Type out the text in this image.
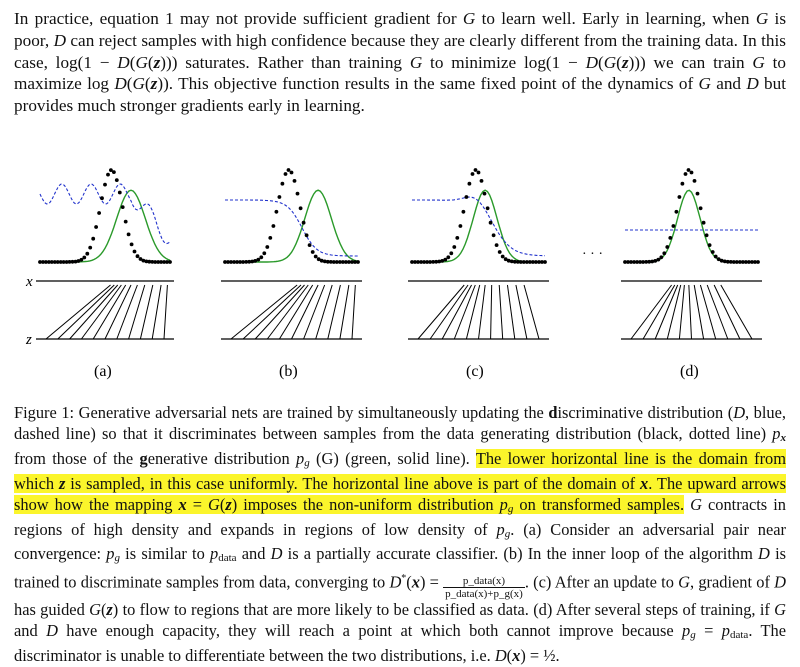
In practice, equation 1 may not provide sufficient gradient for G to learn well. Early in learning, when G is poor, D can reject samples with high confidence because they are clearly different from the training data. In this case, log(1 − D(G(z))) saturates. Rather than training G to minimize log(1 − D(G(z))) we can train G to maximize log D(G(z)). This objective function results in the same fixed point of the dynamics of G and D but provides much stronger gradients early in learning.

x
z
· · ·
(a)	(b)	(c)	(d)

Figure 1: Generative adversarial nets are trained by simultaneously updating the discriminative distribution (D, blue, dashed line) so that it discriminates between samples from the data generating distribution (black, dotted line) px from those of the generative distribution pg (G) (green, solid line). The lower horizontal line is the domain from which z is sampled, in this case uniformly. The horizontal line above is part of the domain of x. The upward arrows show how the mapping x = G(z) imposes the non-uniform distribution pg on transformed samples. G contracts in regions of high density and expands in regions of low density of pg. (a) Consider an adversarial pair near convergence: pg is similar to pdata and D is a partially accurate classifier. (b) In the inner loop of the algorithm D is trained to discriminate samples from data, converging to $D^*(x) = \frac{\text{p\_data(x)}}{\text{p\_data(x)+p\_g(x)}}$ . (c) After an update to G, gradient of D has guided G(z) to flow to regions that are more likely to be classified as data. (d) After several steps of training, if G and D have enough capacity, they will reach a point at which both cannot improve because pg = pdata. The discriminator is unable to differentiate between the two distributions, i.e. D(x) = ½.
